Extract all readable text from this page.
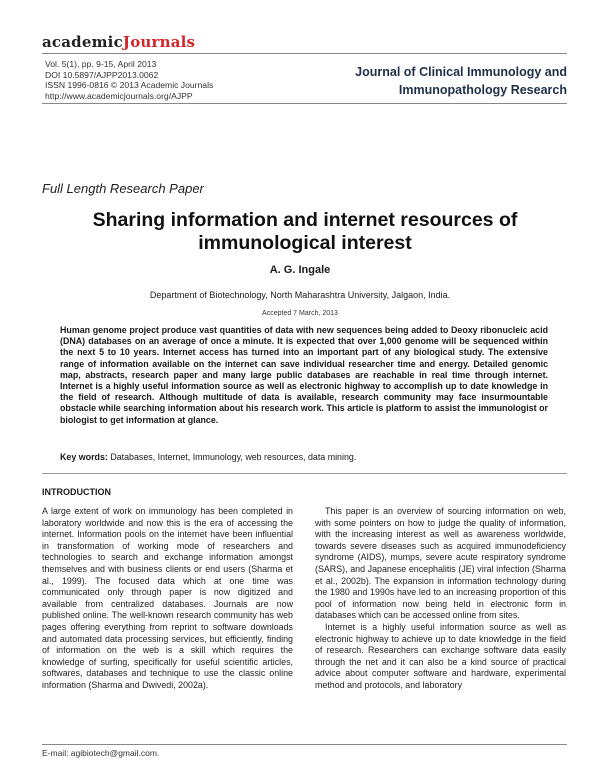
academicJournals
Vol. 5(1), pp. 9-15, April 2013
DOI 10.5897/AJPP2013.0062
ISSN 1996-0816 © 2013 Academic Journals
http://www.academicjournals.org/AJPP
Journal of Clinical Immunology and
Immunopathology Research
Full Length Research Paper
Sharing information and internet resources of
immunological interest
A. G. Ingale
Department of Biotechnology, North Maharashtra University, Jalgaon, India.
Accepted 7 March, 2013
Human genome project produce vast quantities of data with new sequences being added to Deoxy ribonucleic acid (DNA) databases on an average of once a minute. It is expected that over 1,000 genome will be sequenced within the next 5 to 10 years. Internet access has turned into an important part of any biological study. The extensive range of information available on the internet can save individual researcher time and energy. Detailed genomic map, abstracts, research paper and many large public databases are reachable in real time through internet. Internet is a highly useful information source as well as electronic highway to accomplish up to date knowledge in the field of research. Although multitude of data is available, research community may face insurmountable obstacle while searching information about his research work. This article is platform to assist the immunologist or biologist to get information at glance.
Key words: Databases, Internet, Immunology, web resources, data mining.
INTRODUCTION

A large extent of work on immunology has been completed in laboratory worldwide and now this is the era of accessing the internet. Information pools on the internet have been influential in transformation of working mode of researchers and technologies to search and exchange information amongst themselves and with business clients or end users (Sharma et al., 1999). The focused data which at one time was communicated only through paper is now digitized and available from centralized databases. Journals are now published online. The well-known research community has web pages offering everything from reprint to software downloads and automated data processing services, but efficiently, finding of information on the web is a skill which requires the knowledge of surfing, specifically for useful scientific articles, softwares, databases and technique to use the classic online information (Sharma and Dwivedi, 2002a).

This paper is an overview of sourcing information on web, with some pointers on how to judge the quality of information, with the increasing interest as well as awareness worldwide, towards severe diseases such as acquired immunodeficiency syndrome (AIDS), mumps, severe acute respiratory syndrome (SARS), and Japanese encephalitis (JE) viral infection (Sharma et al., 2002b). The expansion in information technology during the 1980 and 1990s have led to an increasing proportion of this pool of information now being held in electronic form in databases which can be accessed online from sites.

Internet is a highly useful information source as well as electronic highway to achieve up to date knowledge in the field of research. Researchers can exchange software data easily through the net and it can also be a kind source of practical advice about computer software and hardware, experimental method and protocols, and laboratory

E-mail: agibiotech@gmail.com.
